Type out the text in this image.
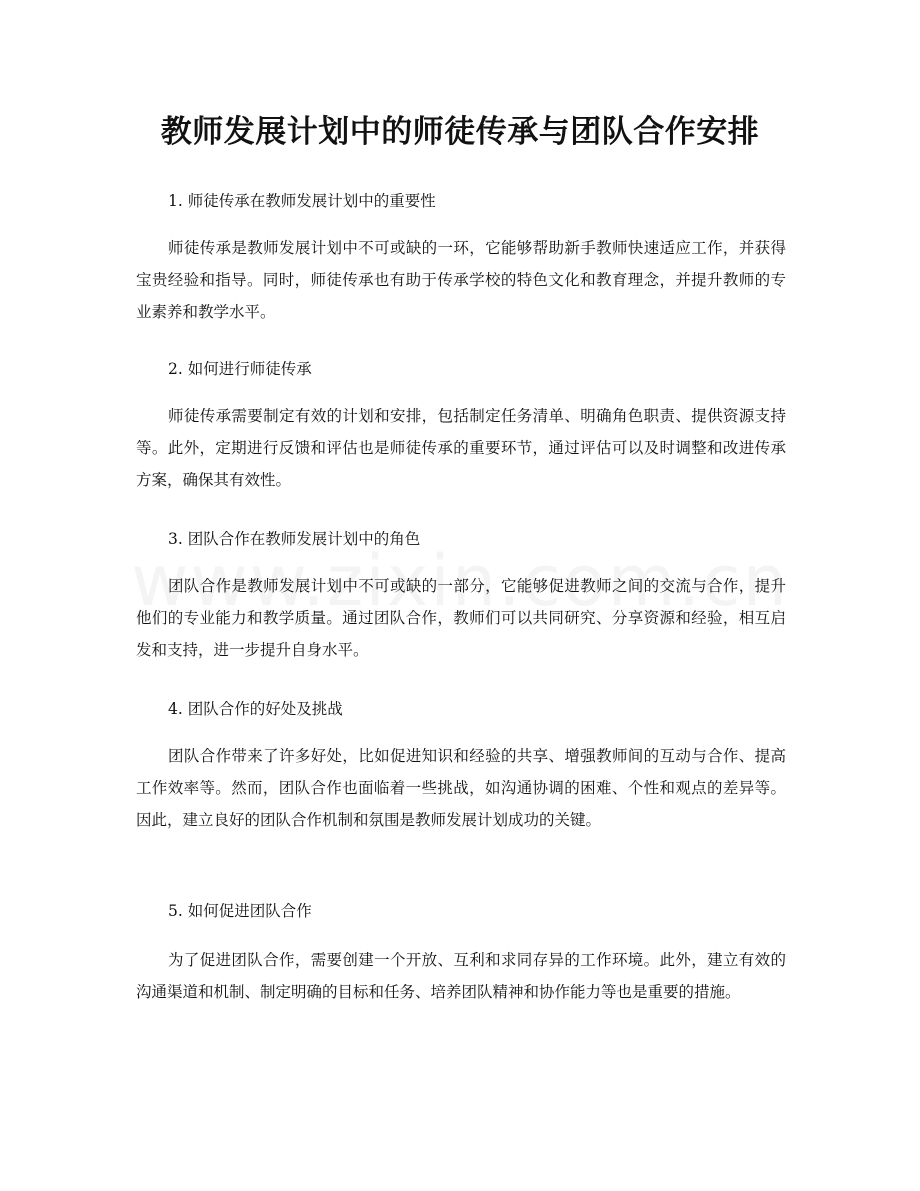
教师发展计划中的师徒传承与团队合作安排
1. 师徒传承在教师发展计划中的重要性

师徒传承是教师发展计划中不可或缺的一环，它能够帮助新手教师快速适应工作，并获得宝贵经验和指导。同时，师徒传承也有助于传承学校的特色文化和教育理念，并提升教师的专业素养和教学水平。

2. 如何进行师徒传承

师徒传承需要制定有效的计划和安排，包括制定任务清单、明确角色职责、提供资源支持等。此外，定期进行反馈和评估也是师徒传承的重要环节，通过评估可以及时调整和改进传承方案，确保其有效性。

3. 团队合作在教师发展计划中的角色

团队合作是教师发展计划中不可或缺的一部分，它能够促进教师之间的交流与合作，提升他们的专业能力和教学质量。通过团队合作，教师们可以共同研究、分享资源和经验，相互启发和支持，进一步提升自身水平。

4. 团队合作的好处及挑战

团队合作带来了许多好处，比如促进知识和经验的共享、增强教师间的互动与合作、提高工作效率等。然而，团队合作也面临着一些挑战，如沟通协调的困难、个性和观点的差异等。因此，建立良好的团队合作机制和氛围是教师发展计划成功的关键。

5. 如何促进团队合作

为了促进团队合作，需要创建一个开放、互利和求同存异的工作环境。此外，建立有效的沟通渠道和机制、制定明确的目标和任务、培养团队精神和协作能力等也是重要的措施。
